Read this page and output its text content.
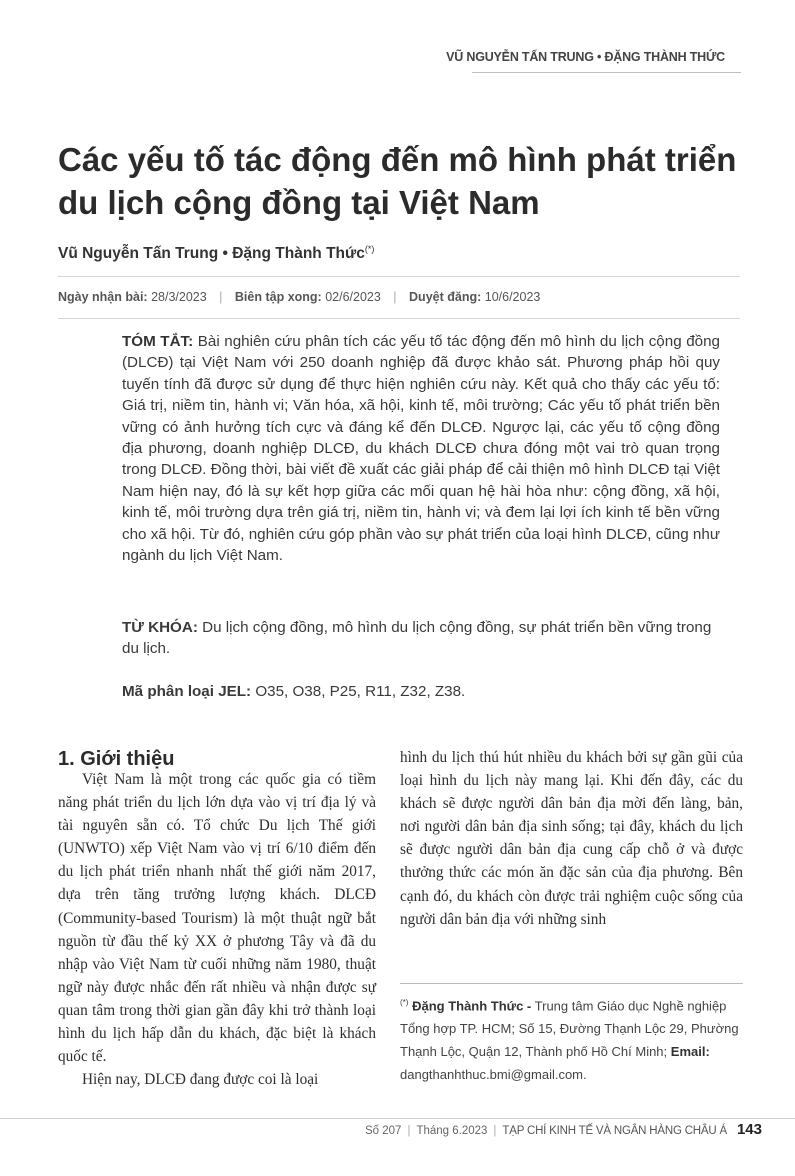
VŨ NGUYỄN TẤN TRUNG • ĐẶNG THÀNH THỨC
Các yếu tố tác động đến mô hình phát triển du lịch cộng đồng tại Việt Nam
Vũ Nguyễn Tấn Trung • Đặng Thành Thức(*)
Ngày nhận bài: 28/3/2023 | Biên tập xong: 02/6/2023 | Duyệt đăng: 10/6/2023

TÓM TẮT: Bài nghiên cứu phân tích các yếu tố tác động đến mô hình du lịch cộng đồng (DLCĐ) tại Việt Nam với 250 doanh nghiệp đã được khảo sát. Phương pháp hồi quy tuyến tính đã được sử dụng để thực hiện nghiên cứu này. Kết quả cho thấy các yếu tố: Giá trị, niềm tin, hành vi; Văn hóa, xã hội, kinh tế, môi trường; Các yếu tố phát triển bền vững có ảnh hưởng tích cực và đáng kể đến DLCĐ. Ngược lại, các yếu tố cộng đồng địa phương, doanh nghiệp DLCĐ, du khách DLCĐ chưa đóng một vai trò quan trọng trong DLCĐ. Đồng thời, bài viết đề xuất các giải pháp để cải thiện mô hình DLCĐ tại Việt Nam hiện nay, đó là sự kết hợp giữa các mối quan hệ hài hòa như: cộng đồng, xã hội, kinh tế, môi trường dựa trên giá trị, niềm tin, hành vi; và đem lại lợi ích kinh tế bền vững cho xã hội. Từ đó, nghiên cứu góp phần vào sự phát triển của loại hình DLCĐ, cũng như ngành du lịch Việt Nam.

TỪ KHÓA: Du lịch cộng đồng, mô hình du lịch cộng đồng, sự phát triển bền vững trong du lịch.
Mã phân loại JEL: O35, O38, P25, R11, Z32, Z38.
1. Giới thiệu

Việt Nam là một trong các quốc gia có tiềm năng phát triển du lịch lớn dựa vào vị trí địa lý và tài nguyên sẵn có. Tổ chức Du lịch Thế giới (UNWTO) xếp Việt Nam vào vị trí 6/10 điểm đến du lịch phát triển nhanh nhất thế giới năm 2017, dựa trên tăng trưởng lượng khách. DLCĐ (Community-based Tourism) là một thuật ngữ bắt nguồn từ đầu thế kỷ XX ở phương Tây và đã du nhập vào Việt Nam từ cuối những năm 1980, thuật ngữ này được nhắc đến rất nhiều và nhận được sự quan tâm trong thời gian gần đây khi trở thành loại hình du lịch hấp dẫn du khách, đặc biệt là khách quốc tế.

Hiện nay, DLCĐ đang được coi là loại

hình du lịch thú hút nhiều du khách bởi sự gần gũi của loại hình du lịch này mang lại. Khi đến đây, các du khách sẽ được người dân bản địa mời đến làng, bản, nơi người dân bản địa sinh sống; tại đây, khách du lịch sẽ được người dân bản địa cung cấp chỗ ở và được thưởng thức các món ăn đặc sản của địa phương. Bên cạnh đó, du khách còn được trải nghiệm cuộc sống của người dân bản địa với những sinh

(*) Đặng Thành Thức - Trung tâm Giáo dục Nghề nghiệp Tổng hợp TP. HCM; Số 15, Đường Thạnh Lộc 29, Phường Thạnh Lộc, Quận 12, Thành phố Hồ Chí Minh; Email: dangthanhthuc.bmi@gmail.com.
Số 207 | Tháng 6.2023 | TẠP CHÍ KINH TẾ VÀ NGÂN HÀNG CHÂU Á 143
